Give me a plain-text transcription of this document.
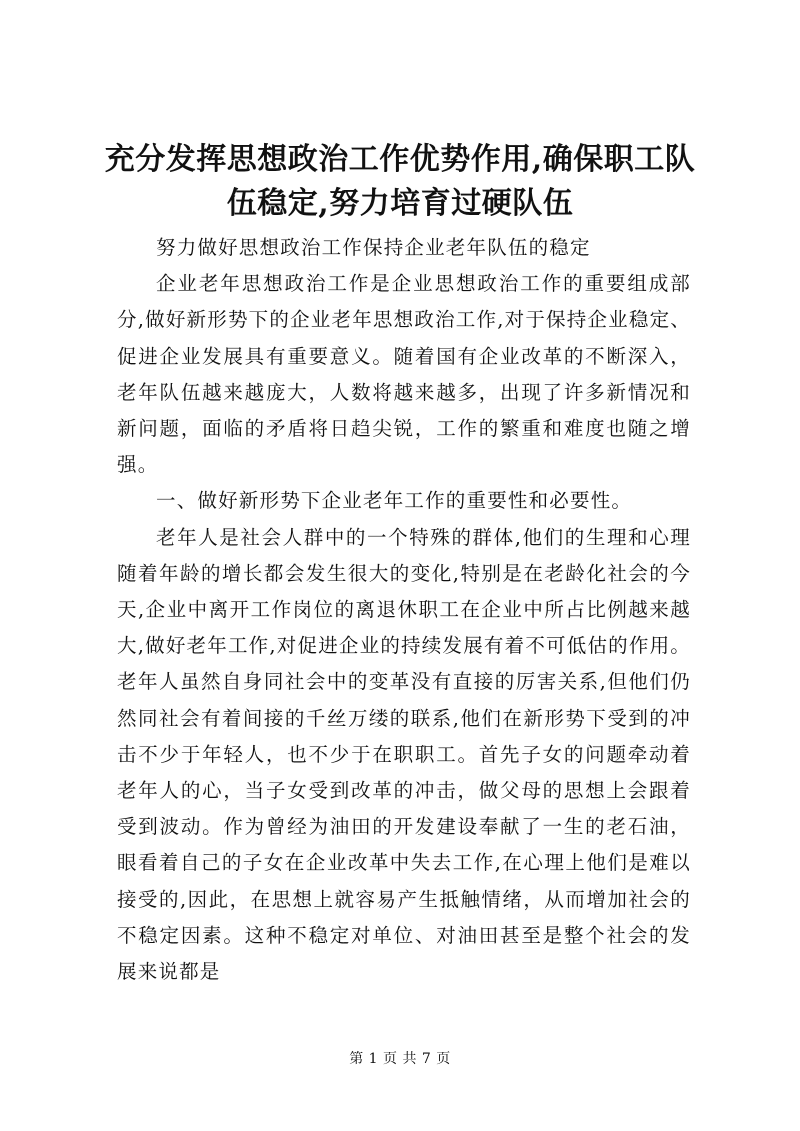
充分发挥思想政治工作优势作用,确保职工队伍稳定,努力培育过硬队伍

努力做好思想政治工作保持企业老年队伍的稳定

企业老年思想政治工作是企业思想政治工作的重要组成部分,做好新形势下的企业老年思想政治工作,对于保持企业稳定、促进企业发展具有重要意义。随着国有企业改革的不断深入，老年队伍越来越庞大，人数将越来越多，出现了许多新情况和新问题，面临的矛盾将日趋尖锐，工作的繁重和难度也随之增强。

一、做好新形势下企业老年工作的重要性和必要性。

老年人是社会人群中的一个特殊的群体,他们的生理和心理随着年龄的增长都会发生很大的变化,特别是在老龄化社会的今天,企业中离开工作岗位的离退休职工在企业中所占比例越来越大,做好老年工作,对促进企业的持续发展有着不可低估的作用。老年人虽然自身同社会中的变革没有直接的厉害关系,但他们仍然同社会有着间接的千丝万缕的联系,他们在新形势下受到的冲击不少于年轻人，也不少于在职职工。首先子女的问题牵动着老年人的心，当子女受到改革的冲击，做父母的思想上会跟着受到波动。作为曾经为油田的开发建设奉献了一生的老石油，眼看着自己的子女在企业改革中失去工作,在心理上他们是难以接受的,因此，在思想上就容易产生抵触情绪，从而增加社会的不稳定因素。这种不稳定对单位、对油田甚至是整个社会的发展来说都是

第 1 页 共 7 页
